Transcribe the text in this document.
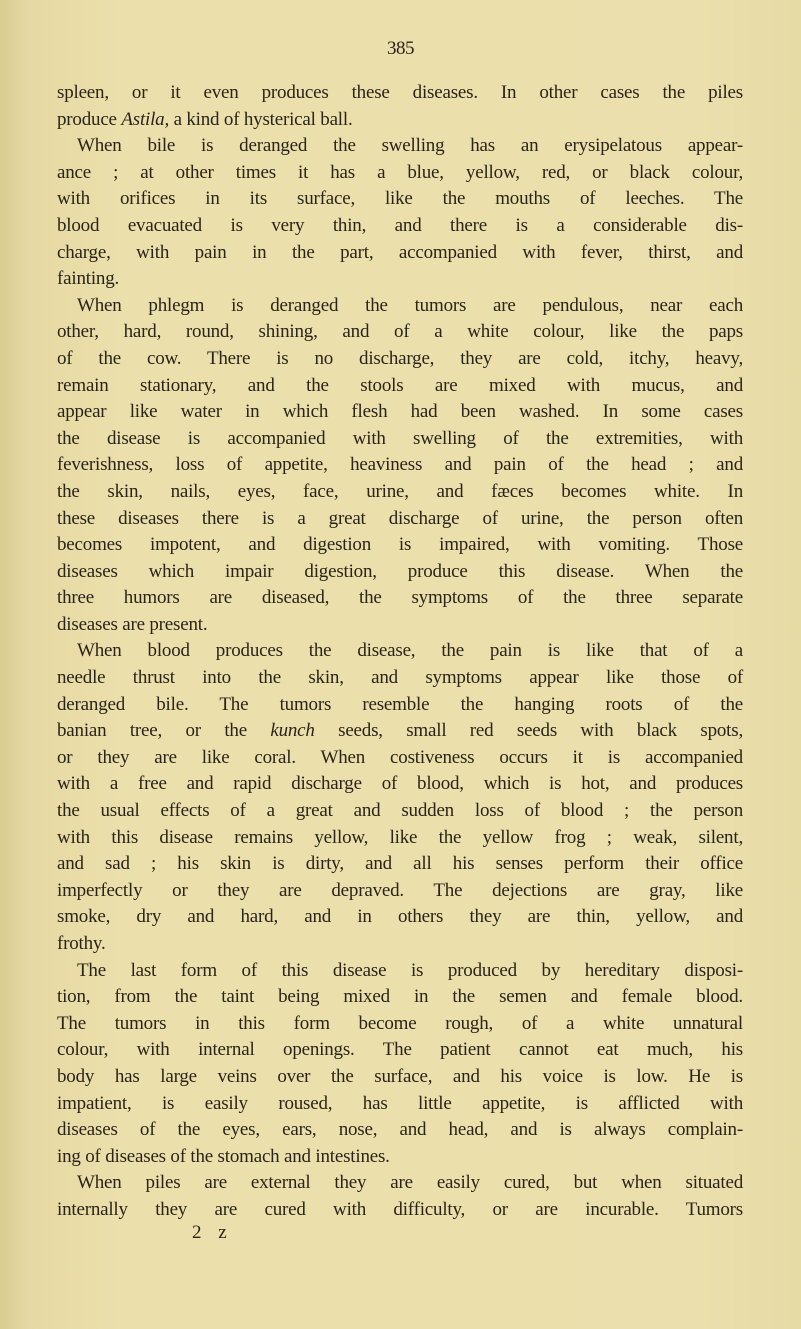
385
spleen, or it even produces these diseases. In other cases the piles
produce Astila, a kind of hysterical ball.
When bile is deranged the swelling has an erysipelatous appear-
ance ; at other times it has a blue, yellow, red, or black colour,
with orifices in its surface, like the mouths of leeches. The
blood evacuated is very thin, and there is a considerable dis-
charge, with pain in the part, accompanied with fever, thirst, and
fainting.
When phlegm is deranged the tumors are pendulous, near each
other, hard, round, shining, and of a white colour, like the paps
of the cow. There is no discharge, they are cold, itchy, heavy,
remain stationary, and the stools are mixed with mucus, and
appear like water in which flesh had been washed. In some cases
the disease is accompanied with swelling of the extremities, with
feverishness, loss of appetite, heaviness and pain of the head ; and
the skin, nails, eyes, face, urine, and fæces becomes white. In
these diseases there is a great discharge of urine, the person often
becomes impotent, and digestion is impaired, with vomiting. Those
diseases which impair digestion, produce this disease. When the
three humors are diseased, the symptoms of the three separate
diseases are present.
When blood produces the disease, the pain is like that of a
needle thrust into the skin, and symptoms appear like those of
deranged bile. The tumors resemble the hanging roots of the
banian tree, or the kunch seeds, small red seeds with black spots,
or they are like coral. When costiveness occurs it is accompanied
with a free and rapid discharge of blood, which is hot, and produces
the usual effects of a great and sudden loss of blood ; the person
with this disease remains yellow, like the yellow frog ; weak, silent,
and sad ; his skin is dirty, and all his senses perform their office
imperfectly or they are depraved. The dejections are gray, like
smoke, dry and hard, and in others they are thin, yellow, and
frothy.
The last form of this disease is produced by hereditary disposi-
tion, from the taint being mixed in the semen and female blood.
The tumors in this form become rough, of a white unnatural
colour, with internal openings. The patient cannot eat much, his
body has large veins over the surface, and his voice is low. He is
impatient, is easily roused, has little appetite, is afflicted with
diseases of the eyes, ears, nose, and head, and is always complain-
ing of diseases of the stomach and intestines.
When piles are external they are easily cured, but when situated
internally they are cured with difficulty, or are incurable. Tumors
2 z
